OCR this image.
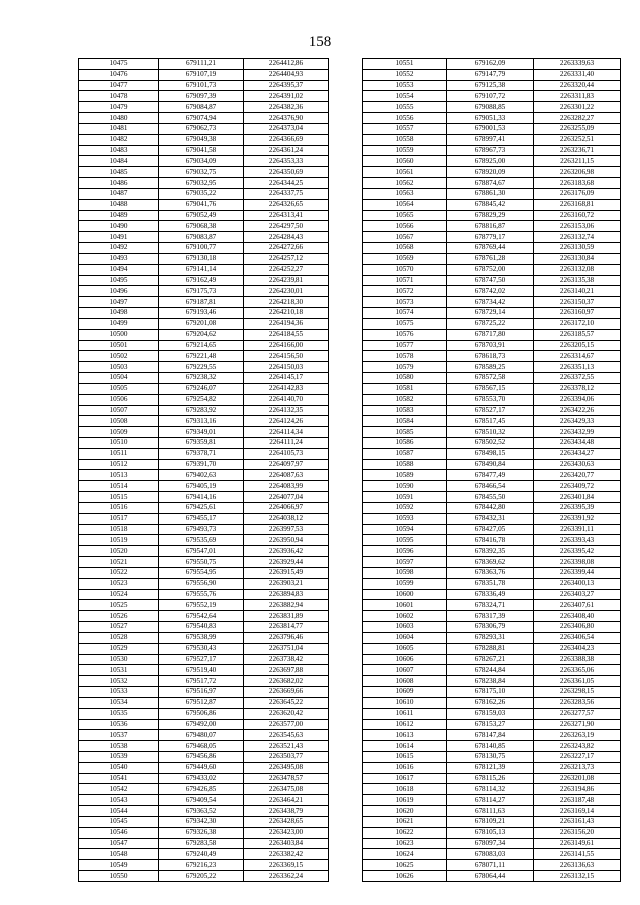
158
10475	679111,21	2264412,86
10476	679107,19	2264404,93
10477	679101,73	2264395,37
10478	679097,39	2264391,02
10479	679084,87	2264382,36
10480	679074,94	2264376,90
10481	679062,73	2264373,04
10482	679049,38	2264366,69
10483	679041,58	2264361,24
10484	679034,09	2264353,33
10485	679032,75	2264350,69
10486	679032,95	2264344,25
10487	679035,22	2264337,75
10488	679041,76	2264326,65
10489	679052,49	2264313,41
10490	679068,38	2264297,50
10491	679083,87	2264284,43
10492	679100,77	2264272,66
10493	679130,18	2264257,12
10494	679141,14	2264252,27
10495	679162,49	2264239,81
10496	679175,73	2264230,01
10497	679187,81	2264218,30
10498	679193,46	2264210,18
10499	679201,08	2264194,36
10500	679204,62	2264184,55
10501	679214,65	2264166,00
10502	679221,48	2264156,50
10503	679229,55	2264150,03
10504	679238,32	2264145,17
10505	679246,07	2264142,83
10506	679254,82	2264140,70
10507	679283,92	2264132,35
10508	679313,16	2264124,26
10509	679349,01	2264114,34
10510	679359,81	2264111,24
10511	679378,71	2264105,73
10512	679391,70	2264097,97
10513	679402,63	2264087,63
10514	679405,19	2264083,99
10515	679414,16	2264077,04
10516	679425,61	2264066,97
10517	679455,17	2264038,12
10518	679493,73	2263997,53
10519	679535,69	2263950,94
10520	679547,01	2263936,42
10521	679550,75	2263929,44
10522	679554,95	2263915,49
10523	679556,90	2263903,21
10524	679555,76	2263894,83
10525	679552,19	2263882,94
10526	679542,64	2263831,89
10527	679540,83	2263814,77
10528	679538,99	2263796,46
10529	679530,43	2263751,04
10530	679527,17	2263738,42
10531	679519,40	2263697,88
10532	679517,72	2263682,02
10533	679516,97	2263669,66
10534	679512,87	2263645,22
10535	679506,86	2263620,42
10536	679492,00	2263577,00
10537	679480,07	2263545,63
10538	679468,05	2263521,43
10539	679456,86	2263503,77
10540	679449,60	2263495,08
10541	679433,02	2263478,57
10542	679426,85	2263475,08
10543	679409,54	2263464,21
10544	679363,52	2263438,79
10545	679342,30	2263428,65
10546	679326,38	2263423,00
10547	679283,58	2263403,84
10548	679240,49	2263382,42
10549	679216,23	2263369,15
10550	679205,22	2263362,24
10551	679162,09	2263339,63
10552	679147,79	2263331,40
10553	679125,38	2263320,44
10554	679107,72	2263311,83
10555	679088,85	2263301,22
10556	679051,33	2263282,27
10557	679001,53	2263255,09
10558	678997,41	2263252,51
10559	678967,73	2263236,71
10560	678925,00	2263211,15
10561	678920,09	2263206,98
10562	678874,67	2263183,68
10563	678861,30	2263176,09
10564	678845,42	2263168,81
10565	678829,29	2263160,72
10566	678816,87	2263153,06
10567	678779,17	2263132,74
10568	678769,44	2263130,59
10569	678761,28	2263130,84
10570	678752,00	2263132,08
10571	678747,50	2263135,38
10572	678742,02	2263140,21
10573	678734,42	2263150,37
10574	678729,14	2263160,97
10575	678725,22	2263172,10
10576	678717,80	2263185,57
10577	678703,91	2263205,15
10578	678618,73	2263314,67
10579	678589,25	2263351,13
10580	678572,58	2263372,55
10581	678567,15	2263378,12
10582	678553,70	2263394,06
10583	678527,17	2263422,26
10584	678517,45	2263429,33
10585	678510,32	2263432,99
10586	678502,52	2263434,48
10587	678498,15	2263434,27
10588	678490,84	2263430,63
10589	678477,49	2263420,77
10590	678466,54	2263409,72
10591	678455,50	2263401,84
10592	678442,80	2263395,39
10593	678432,31	2263391,92
10594	678427,05	2263391,11
10595	678416,78	2263393,43
10596	678392,35	2263395,42
10597	678369,62	2263398,08
10598	678363,76	2263399,44
10599	678351,78	2263400,13
10600	678336,49	2263403,27
10601	678324,71	2263407,61
10602	678317,39	2263408,40
10603	678306,79	2263406,80
10604	678293,31	2263406,54
10605	678288,81	2263404,23
10606	678267,21	2263388,38
10607	678244,84	2263365,06
10608	678238,84	2263361,05
10609	678175,10	2263298,15
10610	678162,26	2263283,56
10611	678159,03	2263277,57
10612	678153,27	2263271,90
10613	678147,84	2263263,19
10614	678140,85	2263243,82
10615	678130,75	2263227,17
10616	678121,39	2263213,73
10617	678115,26	2263201,08
10618	678114,32	2263194,86
10619	678114,27	2263187,48
10620	678111,63	2263169,14
10621	678109,21	2263161,43
10622	678105,13	2263156,20
10623	678097,34	2263149,61
10624	678083,03	2263141,55
10625	678071,11	2263136,63
10626	678064,44	2263132,15
